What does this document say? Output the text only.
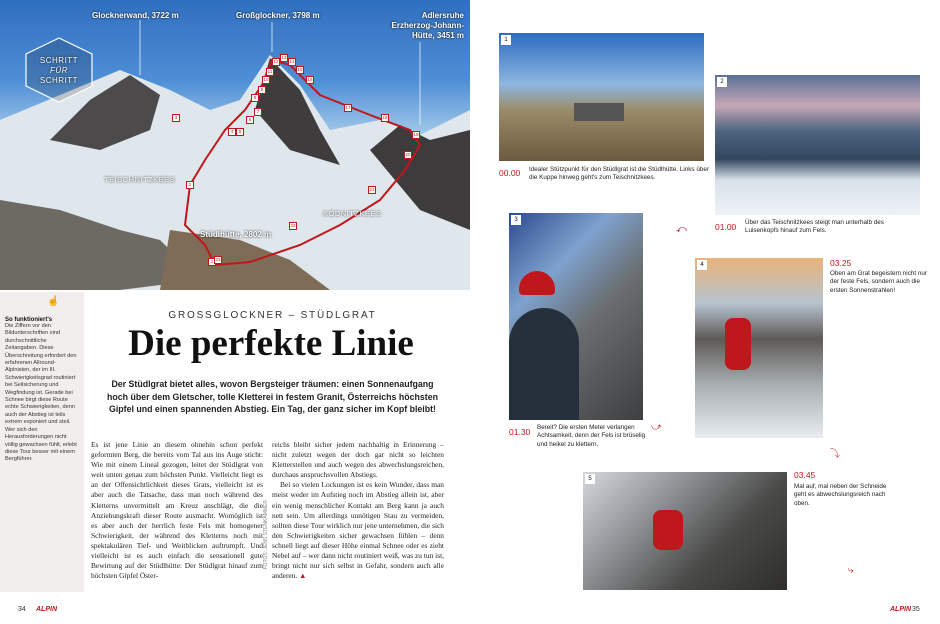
Glocknerwand, 3722 m	Großglockner, 3798 m	Adlersruhe
Erzherzog-Johann-
Hütte, 3451 m
TEISCHNITZKEES
KÖDNITZKEES
Stüdlhütte, 2802 m
SCHRITT
FÜR
SCHRITT
☝
So funktioniert's

Die Ziffern vor den Bildunterschriften sind durchschnittliche Zeitangaben. Diese Überschreitung erfordert den erfahrenen Allround-Alpinisten, der im III. Schwierigkeitsgrad routiniert bei Seilsicherung und Wegfindung ist. Gerade bei Schnee birgt diese Route echte Schwierigkeiten, denn auch der Abstieg ist teils extrem exponiert und steil. Wer sich den Herausforderungen nicht völlig gewachsen fühlt, erlebt diese Tour besser mit einem Bergführer.

GROSSGLOCKNER – STÜDLGRAT
Die perfekte Linie
Der Stüdlgrat bietet alles, wovon Bergsteiger träumen: einen Sonnenaufgang hoch über dem Gletscher, tolle Kletterei in festem Granit, Österreichs höchsten Gipfel und einen spannenden Abstieg. Ein Tag, der ganz sicher im Kopf bleibt!
Es ist jene Linie an diesem ohnehin schon perfekt geformten Berg, die bereits vom Tal aus ins Auge sticht: Wie mit einem Lineal gezogen, leitet der Stüdlgrat von weit unten genau zum höchsten Punkt. Vielleicht liegt es an der Offensichtlichkeit dieses Grats, vielleicht ist es aber auch die Tatsache, dass man noch während des Kletterns unvermittelt am Kreuz anschlägt, die die Anziehungskraft dieser Route ausmacht. Womöglich ist es aber auch der herrlich feste Fels mit homogener Schwierigkeit, der während des Kletterns noch mit spektakulären Tief- und Weitblicken auftrumpft. Und vielleicht ist es auch einfach die sensationell gute Bewirtung auf der Stüdlhütte: Der Stüdlgrat hinauf zum höchsten Gipfel Öster-
reichs bleibt sicher jedem nachhaltig in Erinnerung – nicht zuletzt wegen der doch gar nicht so leichten Kletterstellen und auch wegen des abwechslungsreichen, durchaus anspruchsvollen Abstiegs.
Bei so vielen Lockungen ist es kein Wunder, dass man meist weder im Aufstieg noch im Abstieg allein ist, aber ein wenig menschlicher Kontakt am Berg kann ja auch nett sein. Um allerdings unnötigen Stau zu vermeiden, sollten diese Tour wirklich nur jene unternehmen, die sich den Schwierigkeiten sicher gewachsen fühlen – denn schnell liegt auf dieser Höhe einmal Schnee oder es zieht Nebel auf – wer dann nicht routiniert weiß, was zu tun ist, bringt nicht nur sich selbst in Gefahr, sondern auch alle anderen. ▲
FOTOS: JENS STENKAMMER
34 ALPIN
1
00.00 Idealer Stützpunkt für den Stüdlgrat ist die Stüdlhütte. Links über die Kuppe hinweg geht's zum Teischnitzkees.
2
01.00 Über das Teischnitzkees steigt man unterhalb des Luisenkopfs hinauf zum Fels.
⤺
3
01.30 Bereit? Die ersten Meter verlangen Achtsamkeit, denn der Fels ist brüselig und heikel zu klettern.
⤻
4	03.25
Oben am Grat begeistern nicht nur der feste Fels, sondern auch die ersten Sonnenstrahlen!
⤵
5	03.45
Mal auf, mal neben der Schneide geht es abwechslungsreich nach oben.
⤷
ALPIN 35
1
2
3
4	5
6
7
8
9
10
11
12
13
14
15
16
17
18
19
20
21
22
23
